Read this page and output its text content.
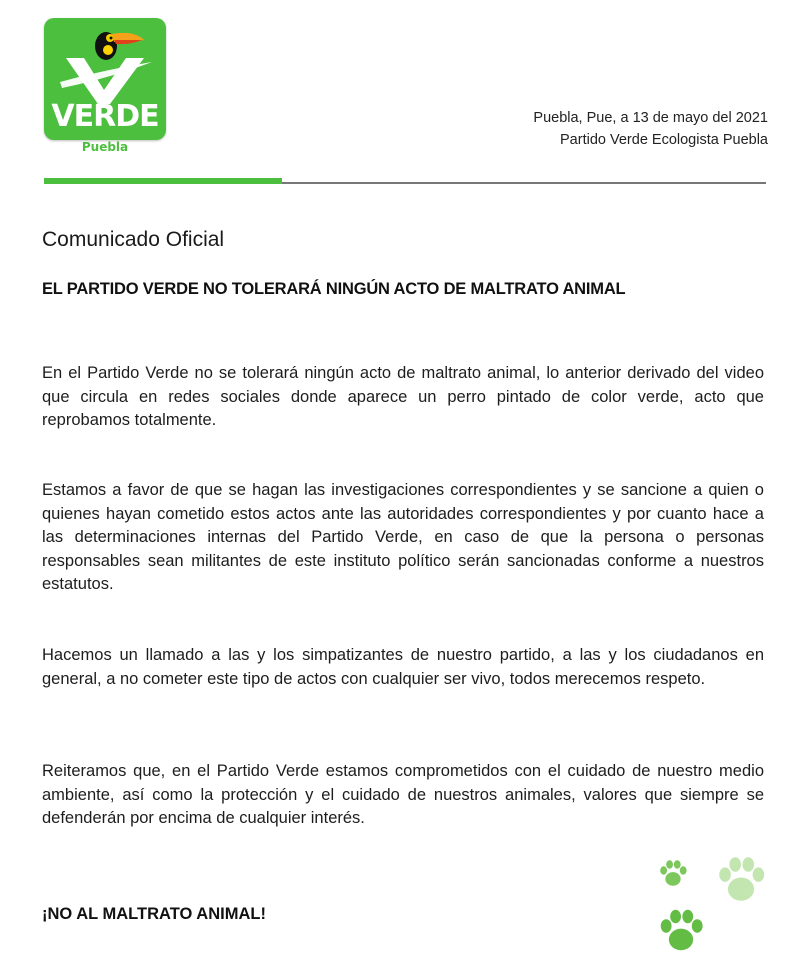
VERDE
Puebla
Puebla, Pue, a 13 de mayo del 2021
Partido Verde Ecologista Puebla
Comunicado Oficial
EL PARTIDO VERDE NO TOLERARÁ NINGÚN ACTO DE MALTRATO ANIMAL

En el Partido Verde no se tolerará ningún acto de maltrato animal, lo anterior derivado del video que circula en redes sociales donde aparece un perro pintado de color verde, acto que reprobamos totalmente.

Estamos a favor de que se hagan las investigaciones correspondientes y se sancione a quien o quienes hayan cometido estos actos ante las autoridades correspondientes y por cuanto hace a las determinaciones internas del Partido Verde, en caso de que la persona o personas responsables sean militantes de este instituto político serán sancionadas conforme a nuestros estatutos.

Hacemos un llamado a las y los simpatizantes de nuestro partido, a las y los ciudadanos en general, a no cometer este tipo de actos con cualquier ser vivo, todos merecemos respeto.

Reiteramos que, en el Partido Verde estamos comprometidos con el cuidado de nuestro medio ambiente, así como la protección y el cuidado de nuestros animales, valores que siempre se defenderán por encima de cualquier interés.

¡NO AL MALTRATO ANIMAL!
